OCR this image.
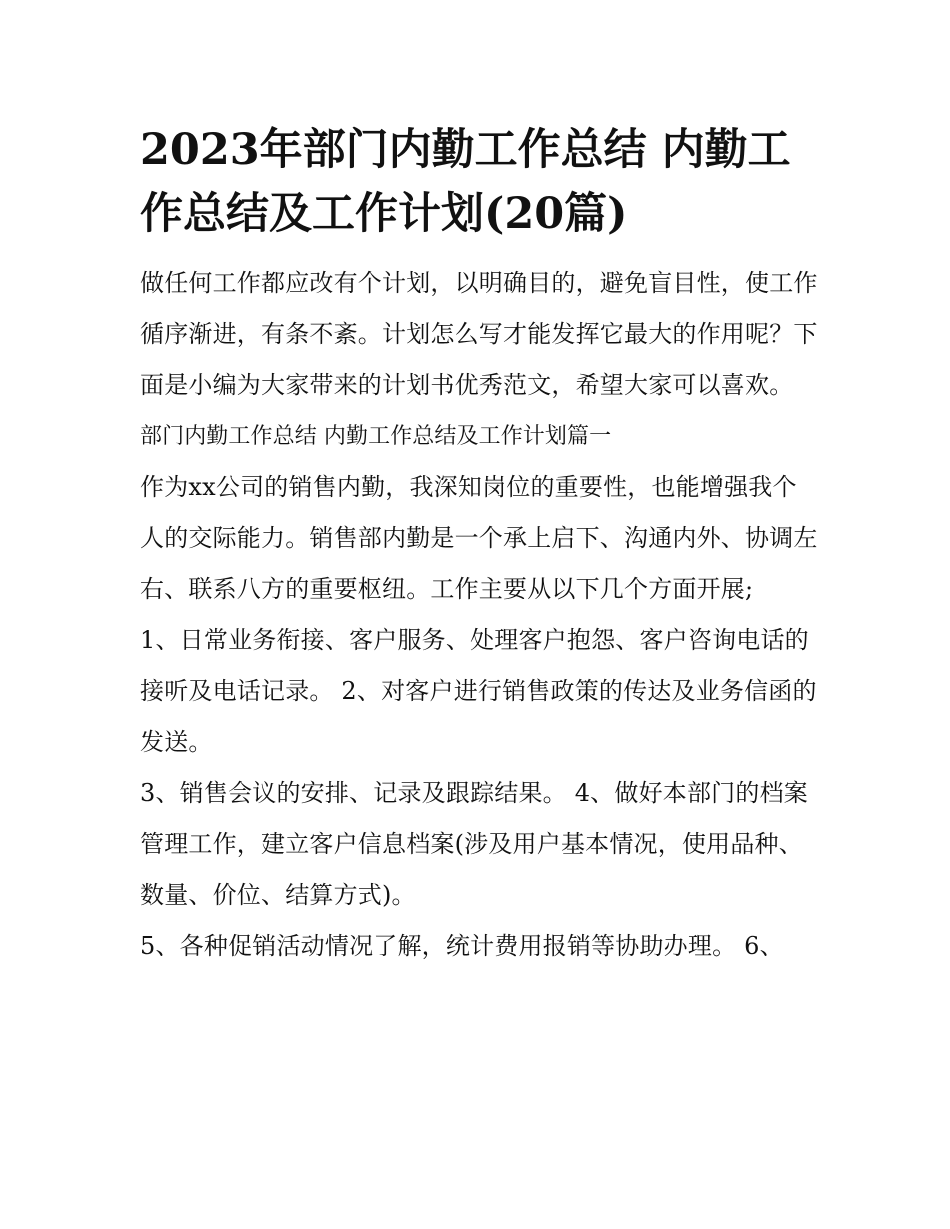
2023年部门内勤工作总结 内勤工作总结及工作计划(20篇)

做任何工作都应改有个计划，以明确目的，避免盲目性，使工作循序渐进，有条不紊。计划怎么写才能发挥它最大的作用呢？下面是小编为大家带来的计划书优秀范文，希望大家可以喜欢。

部门内勤工作总结 内勤工作总结及工作计划篇一

作为xx公司的销售内勤，我深知岗位的重要性，也能增强我个人的交际能力。销售部内勤是一个承上启下、沟通内外、协调左右、联系八方的重要枢纽。工作主要从以下几个方面开展;

1、日常业务衔接、客户服务、处理客户抱怨、客户咨询电话的接听及电话记录。 2、对客户进行销售政策的传达及业务信函的发送。

3、销售会议的安排、记录及跟踪结果。 4、做好本部门的档案管理工作，建立客户信息档案(涉及用户基本情况，使用品种、数量、价位、结算方式)。

5、各种促销活动情况了解，统计费用报销等协助办理。 6、
